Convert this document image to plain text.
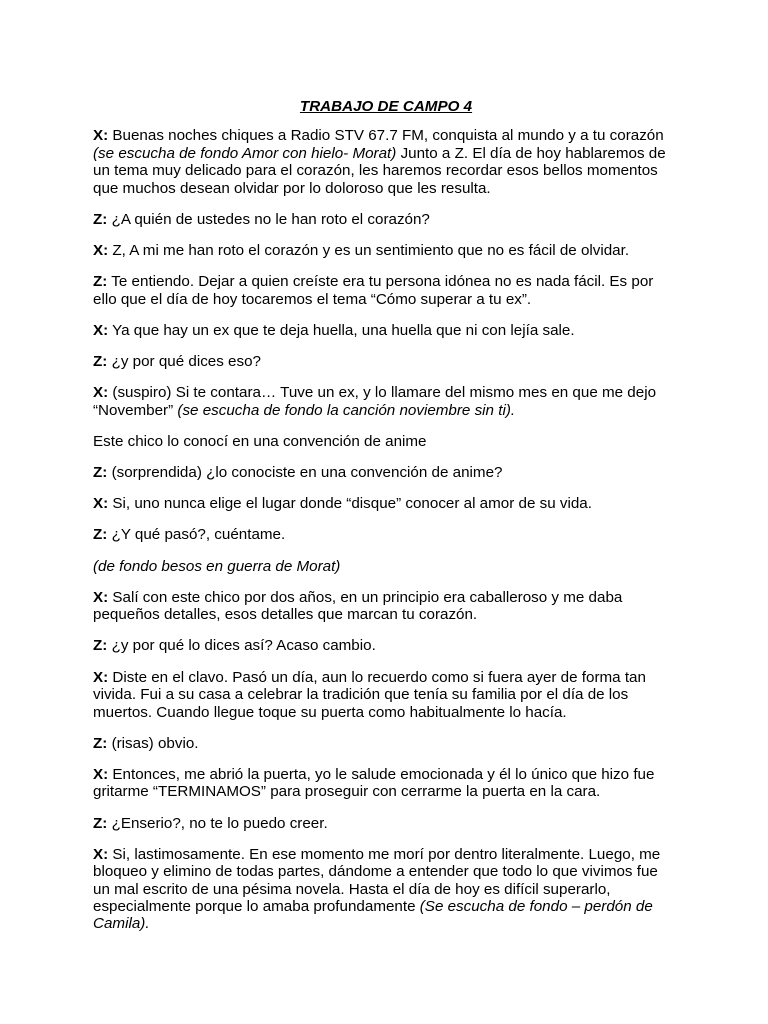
TRABAJO DE CAMPO 4

X: Buenas noches chiques a Radio STV 67.7 FM, conquista al mundo y a tu corazón (se escucha de fondo Amor con hielo- Morat) Junto a Z. El día de hoy hablaremos de un tema muy delicado para el corazón, les haremos recordar esos bellos momentos que muchos desean olvidar por lo doloroso que les resulta.

Z: ¿A quién de ustedes no le han roto el corazón?

X: Z, A mi me han roto el corazón y es un sentimiento que no es fácil de olvidar.

Z: Te entiendo. Dejar a quien creíste era tu persona idónea no es nada fácil. Es por ello que el día de hoy tocaremos el tema “Cómo superar a tu ex”.

X: Ya que hay un ex que te deja huella, una huella que ni con lejía sale.

Z: ¿y por qué dices eso?

X: (suspiro) Si te contara… Tuve un ex, y lo llamare del mismo mes en que me dejo “November” (se escucha de fondo la canción noviembre sin ti).

Este chico lo conocí en una convención de anime

Z: (sorprendida) ¿lo conociste en una convención de anime?

X: Si, uno nunca elige el lugar donde “disque” conocer al amor de su vida.

Z: ¿Y qué pasó?, cuéntame.

(de fondo besos en guerra de Morat)

X: Salí con este chico por dos años, en un principio era caballeroso y me daba pequeños detalles, esos detalles que marcan tu corazón.

Z: ¿y por qué lo dices así? Acaso cambio.

X: Diste en el clavo. Pasó un día, aun lo recuerdo como si fuera ayer de forma tan vivida. Fui a su casa a celebrar la tradición que tenía su familia por el día de los muertos. Cuando llegue toque su puerta como habitualmente lo hacía.

Z: (risas) obvio.

X: Entonces, me abrió la puerta, yo le salude emocionada y él lo único que hizo fue gritarme “TERMINAMOS” para proseguir con cerrarme la puerta en la cara.

Z: ¿Enserio?, no te lo puedo creer.

X: Si, lastimosamente. En ese momento me morí por dentro literalmente. Luego, me bloqueo y elimino de todas partes, dándome a entender que todo lo que vivimos fue un mal escrito de una pésima novela. Hasta el día de hoy es difícil superarlo, especialmente porque lo amaba profundamente (Se escucha de fondo – perdón de Camila).
